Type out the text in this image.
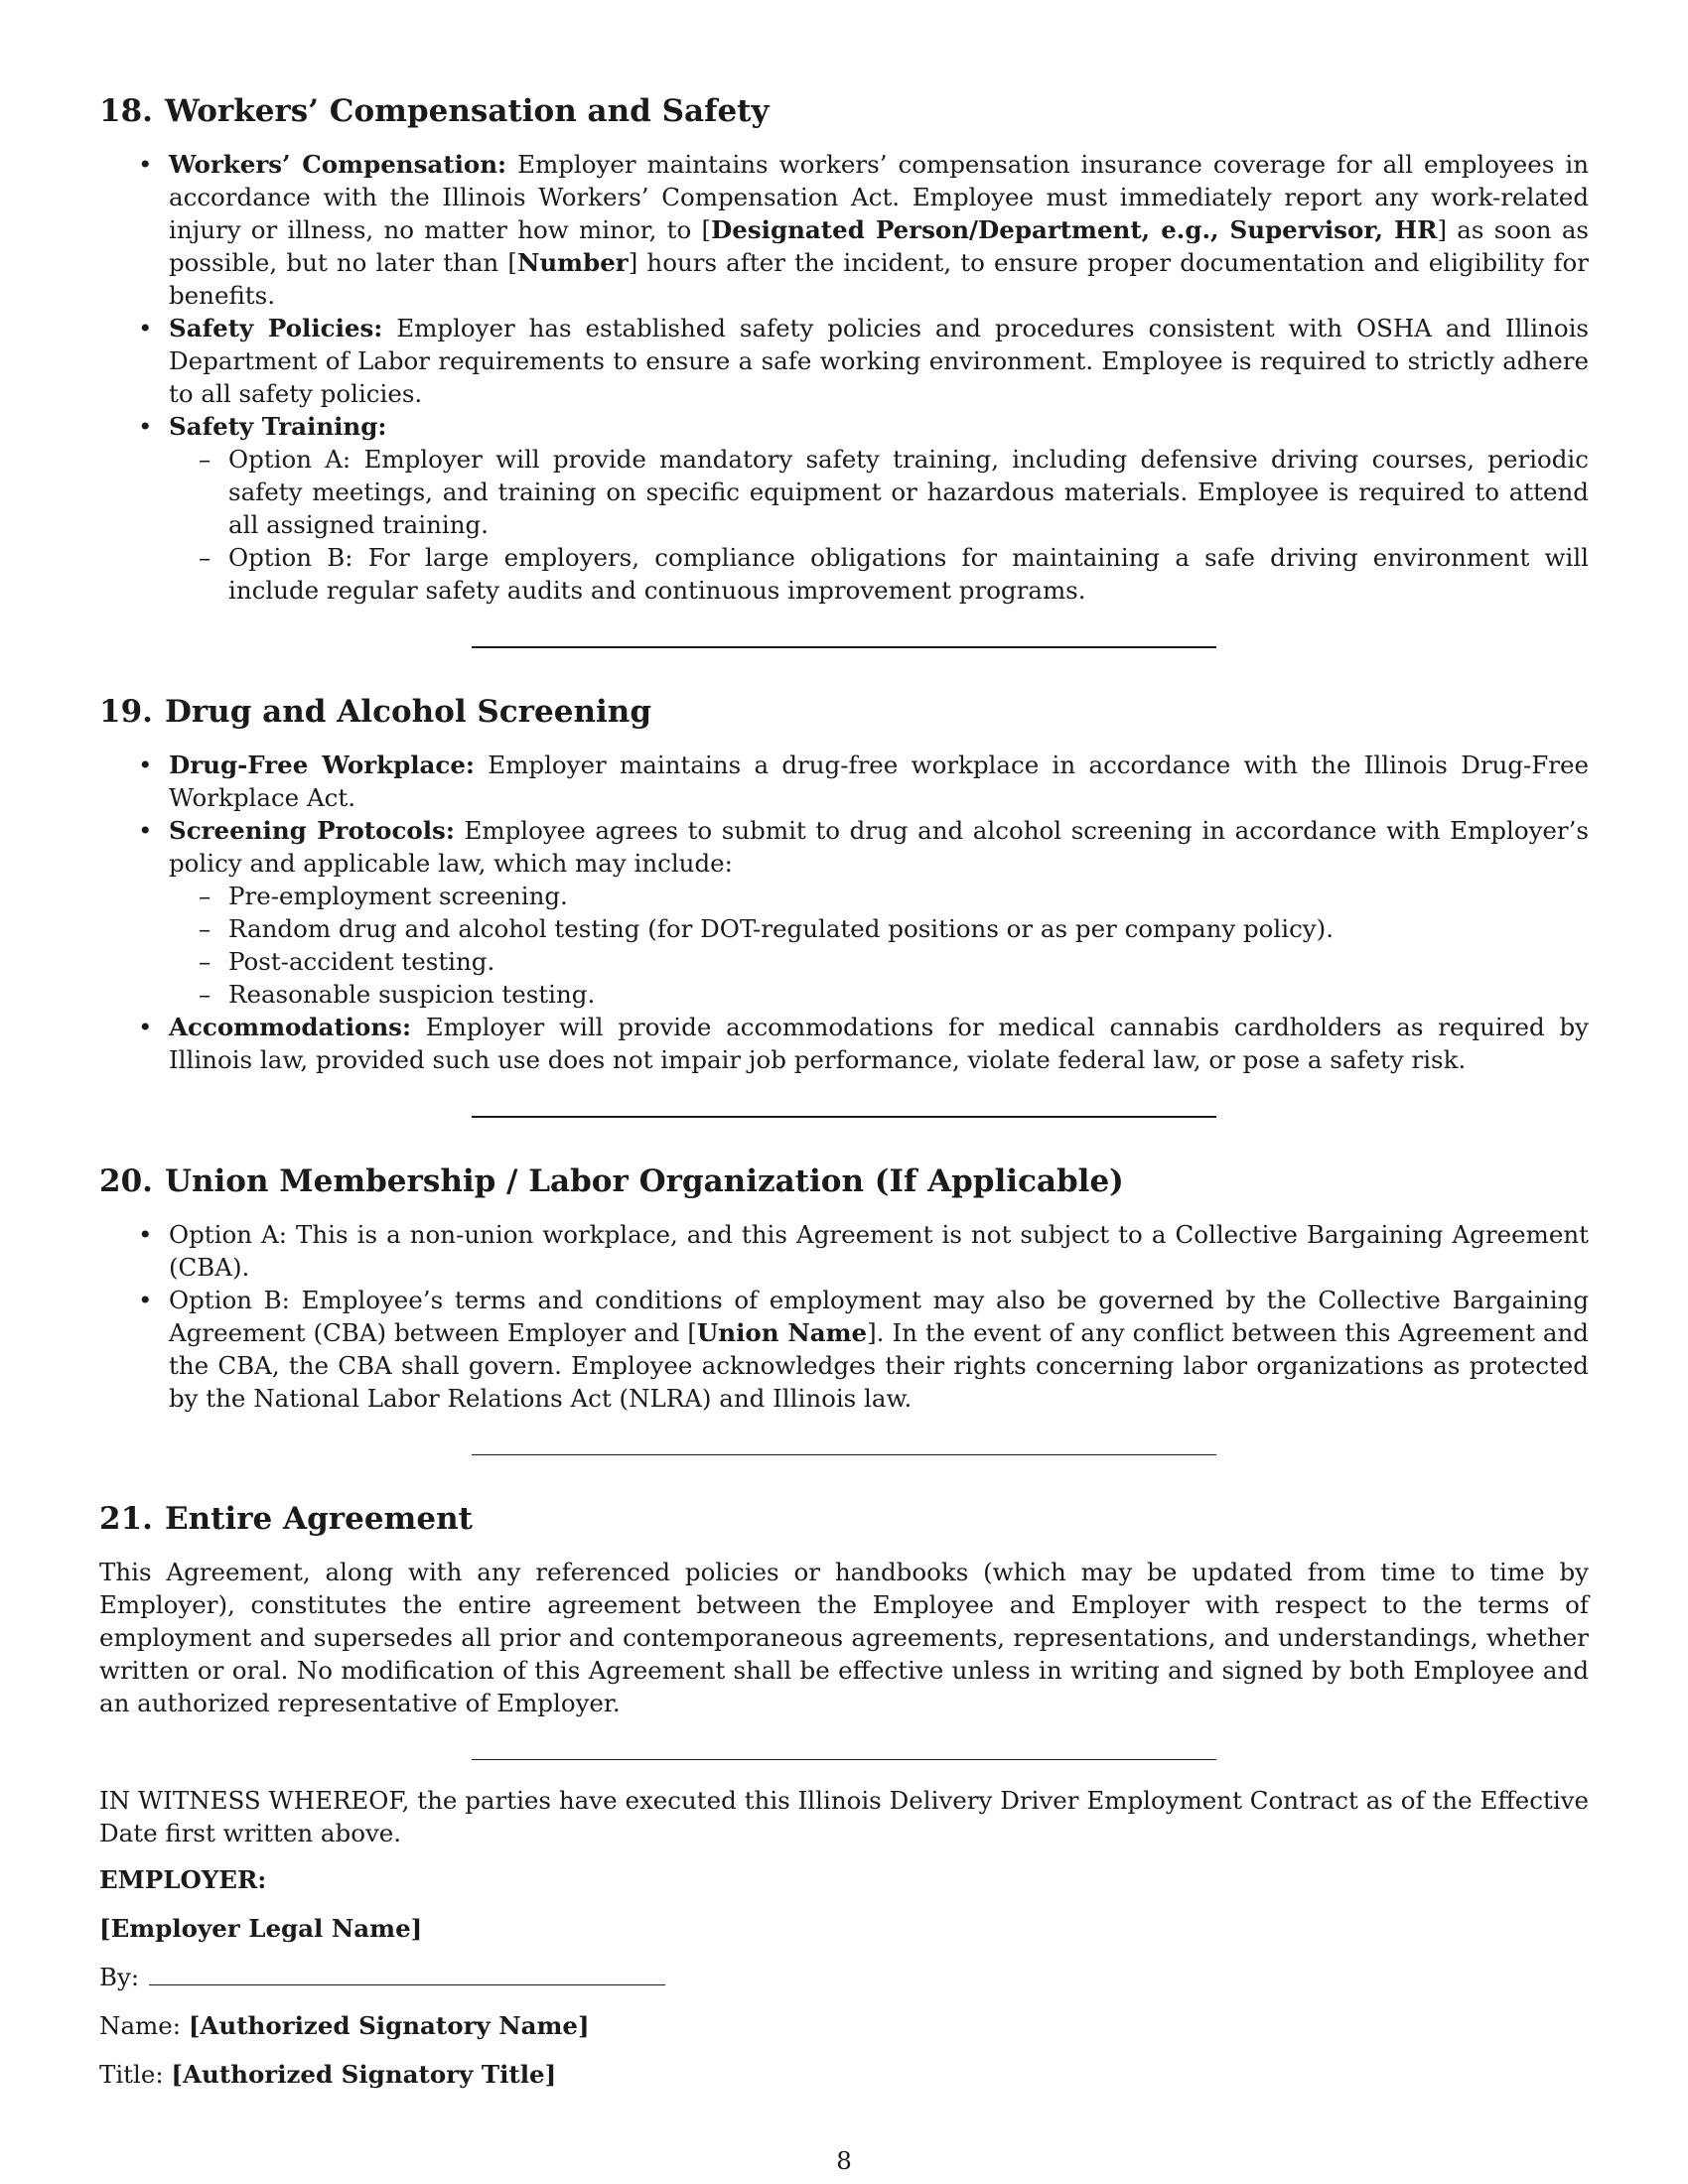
18. Workers’ Compensation and Safety
• Workers’ Compensation: Employer maintains workers’ compensation insurance coverage for all employees in accordance with the Illinois Workers’ Compensation Act. Employee must immediately report any work-related injury or illness, no matter how minor, to [Designated Person/Department, e.g., Supervisor, HR] as soon as possible, but no later than [Number] hours after the incident, to ensure proper documentation and eligibility for benefits.
• Safety Policies: Employer has established safety policies and procedures consistent with OSHA and Illinois Department of Labor requirements to ensure a safe working environment. Employee is required to strictly adhere to all safety policies.
• Safety Training:
– Option A: Employer will provide mandatory safety training, including defensive driving courses, periodic safety meetings, and training on specific equipment or hazardous materials. Employee is required to attend all assigned training.
– Option B: For large employers, compliance obligations for maintaining a safe driving environment will include regular safety audits and continuous improvement programs.
19. Drug and Alcohol Screening
• Drug-Free Workplace: Employer maintains a drug-free workplace in accordance with the Illinois Drug-Free Workplace Act.
• Screening Protocols: Employee agrees to submit to drug and alcohol screening in accordance with Employer’s policy and applicable law, which may include:
– Pre-employment screening.
– Random drug and alcohol testing (for DOT-regulated positions or as per company policy).
– Post-accident testing.
– Reasonable suspicion testing.
• Accommodations: Employer will provide accommodations for medical cannabis cardholders as required by Illinois law, provided such use does not impair job performance, violate federal law, or pose a safety risk.
20. Union Membership / Labor Organization (If Applicable)
• Option A: This is a non-union workplace, and this Agreement is not subject to a Collective Bargaining Agreement (CBA).
• Option B: Employee’s terms and conditions of employment may also be governed by the Collective Bargaining Agreement (CBA) between Employer and [Union Name]. In the event of any conflict between this Agreement and the CBA, the CBA shall govern. Employee acknowledges their rights concerning labor organizations as protected by the National Labor Relations Act (NLRA) and Illinois law.
21. Entire Agreement

This Agreement, along with any referenced policies or handbooks (which may be updated from time to time by Employer), constitutes the entire agreement between the Employee and Employer with respect to the terms of employment and supersedes all prior and contemporaneous agreements, representations, and understandings, whether written or oral. No modification of this Agreement shall be effective unless in writing and signed by both Employee and an authorized representative of Employer.

IN WITNESS WHEREOF, the parties have executed this Illinois Delivery Driver Employment Contract as of the Effective Date first written above.

EMPLOYER:

[Employer Legal Name]

By:

Name: [Authorized Signatory Name]

Title: [Authorized Signatory Title]

8
